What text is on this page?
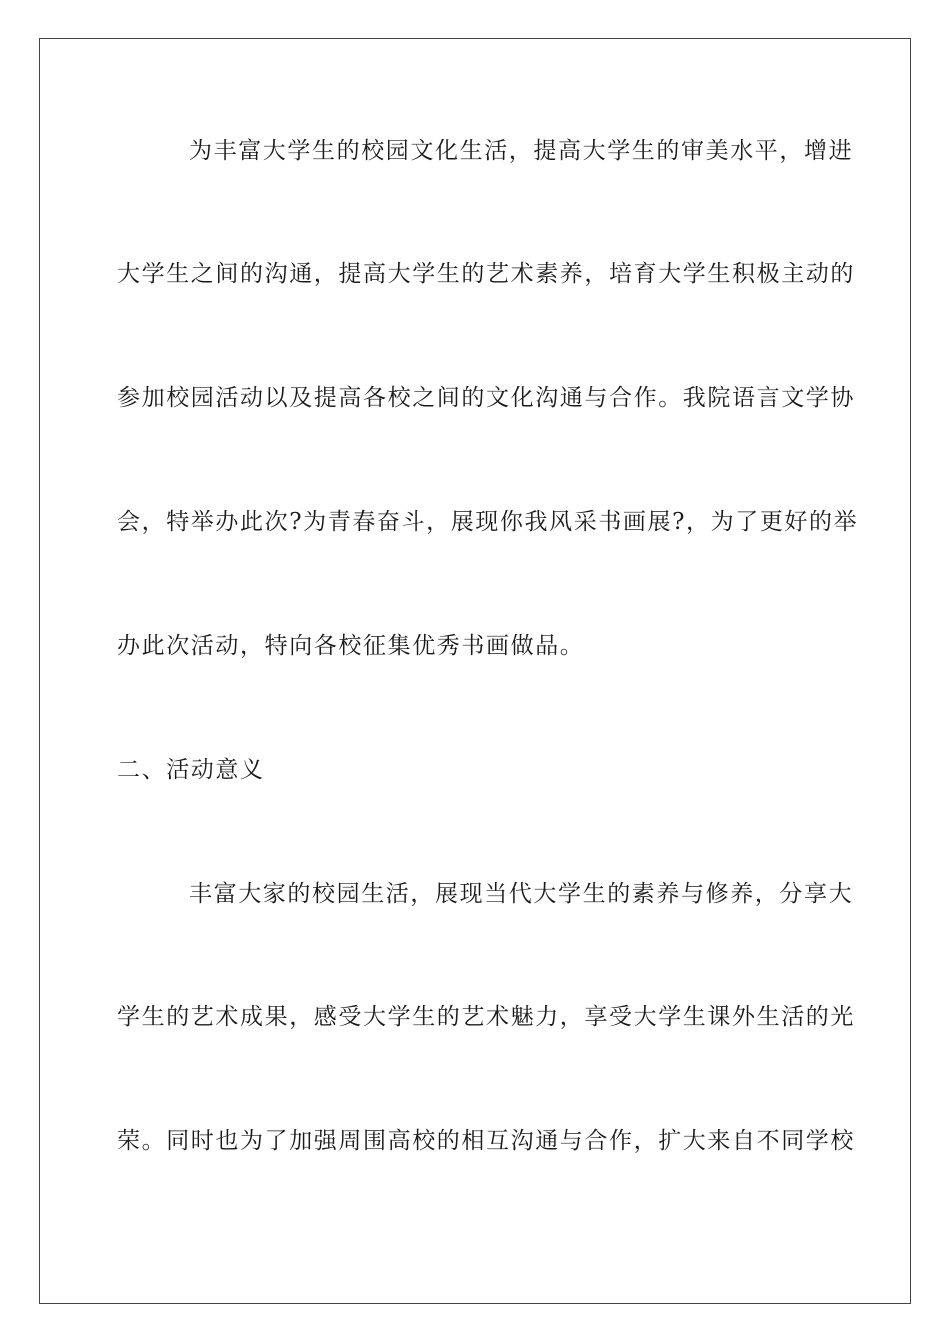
为丰富大学生的校园文化生活，提高大学生的审美水平，增进
大学生之间的沟通，提高大学生的艺术素养，培育大学生积极主动的
参加校园活动以及提高各校之间的文化沟通与合作。我院语言文学协
会，特举办此次?为青春奋斗，展现你我风采书画展?，为了更好的举
办此次活动，特向各校征集优秀书画做品。
二、活动意义
丰富大家的校园生活，展现当代大学生的素养与修养，分享大
学生的艺术成果，感受大学生的艺术魅力，享受大学生课外生活的光
荣。同时也为了加强周围高校的相互沟通与合作，扩大来自不同学校
